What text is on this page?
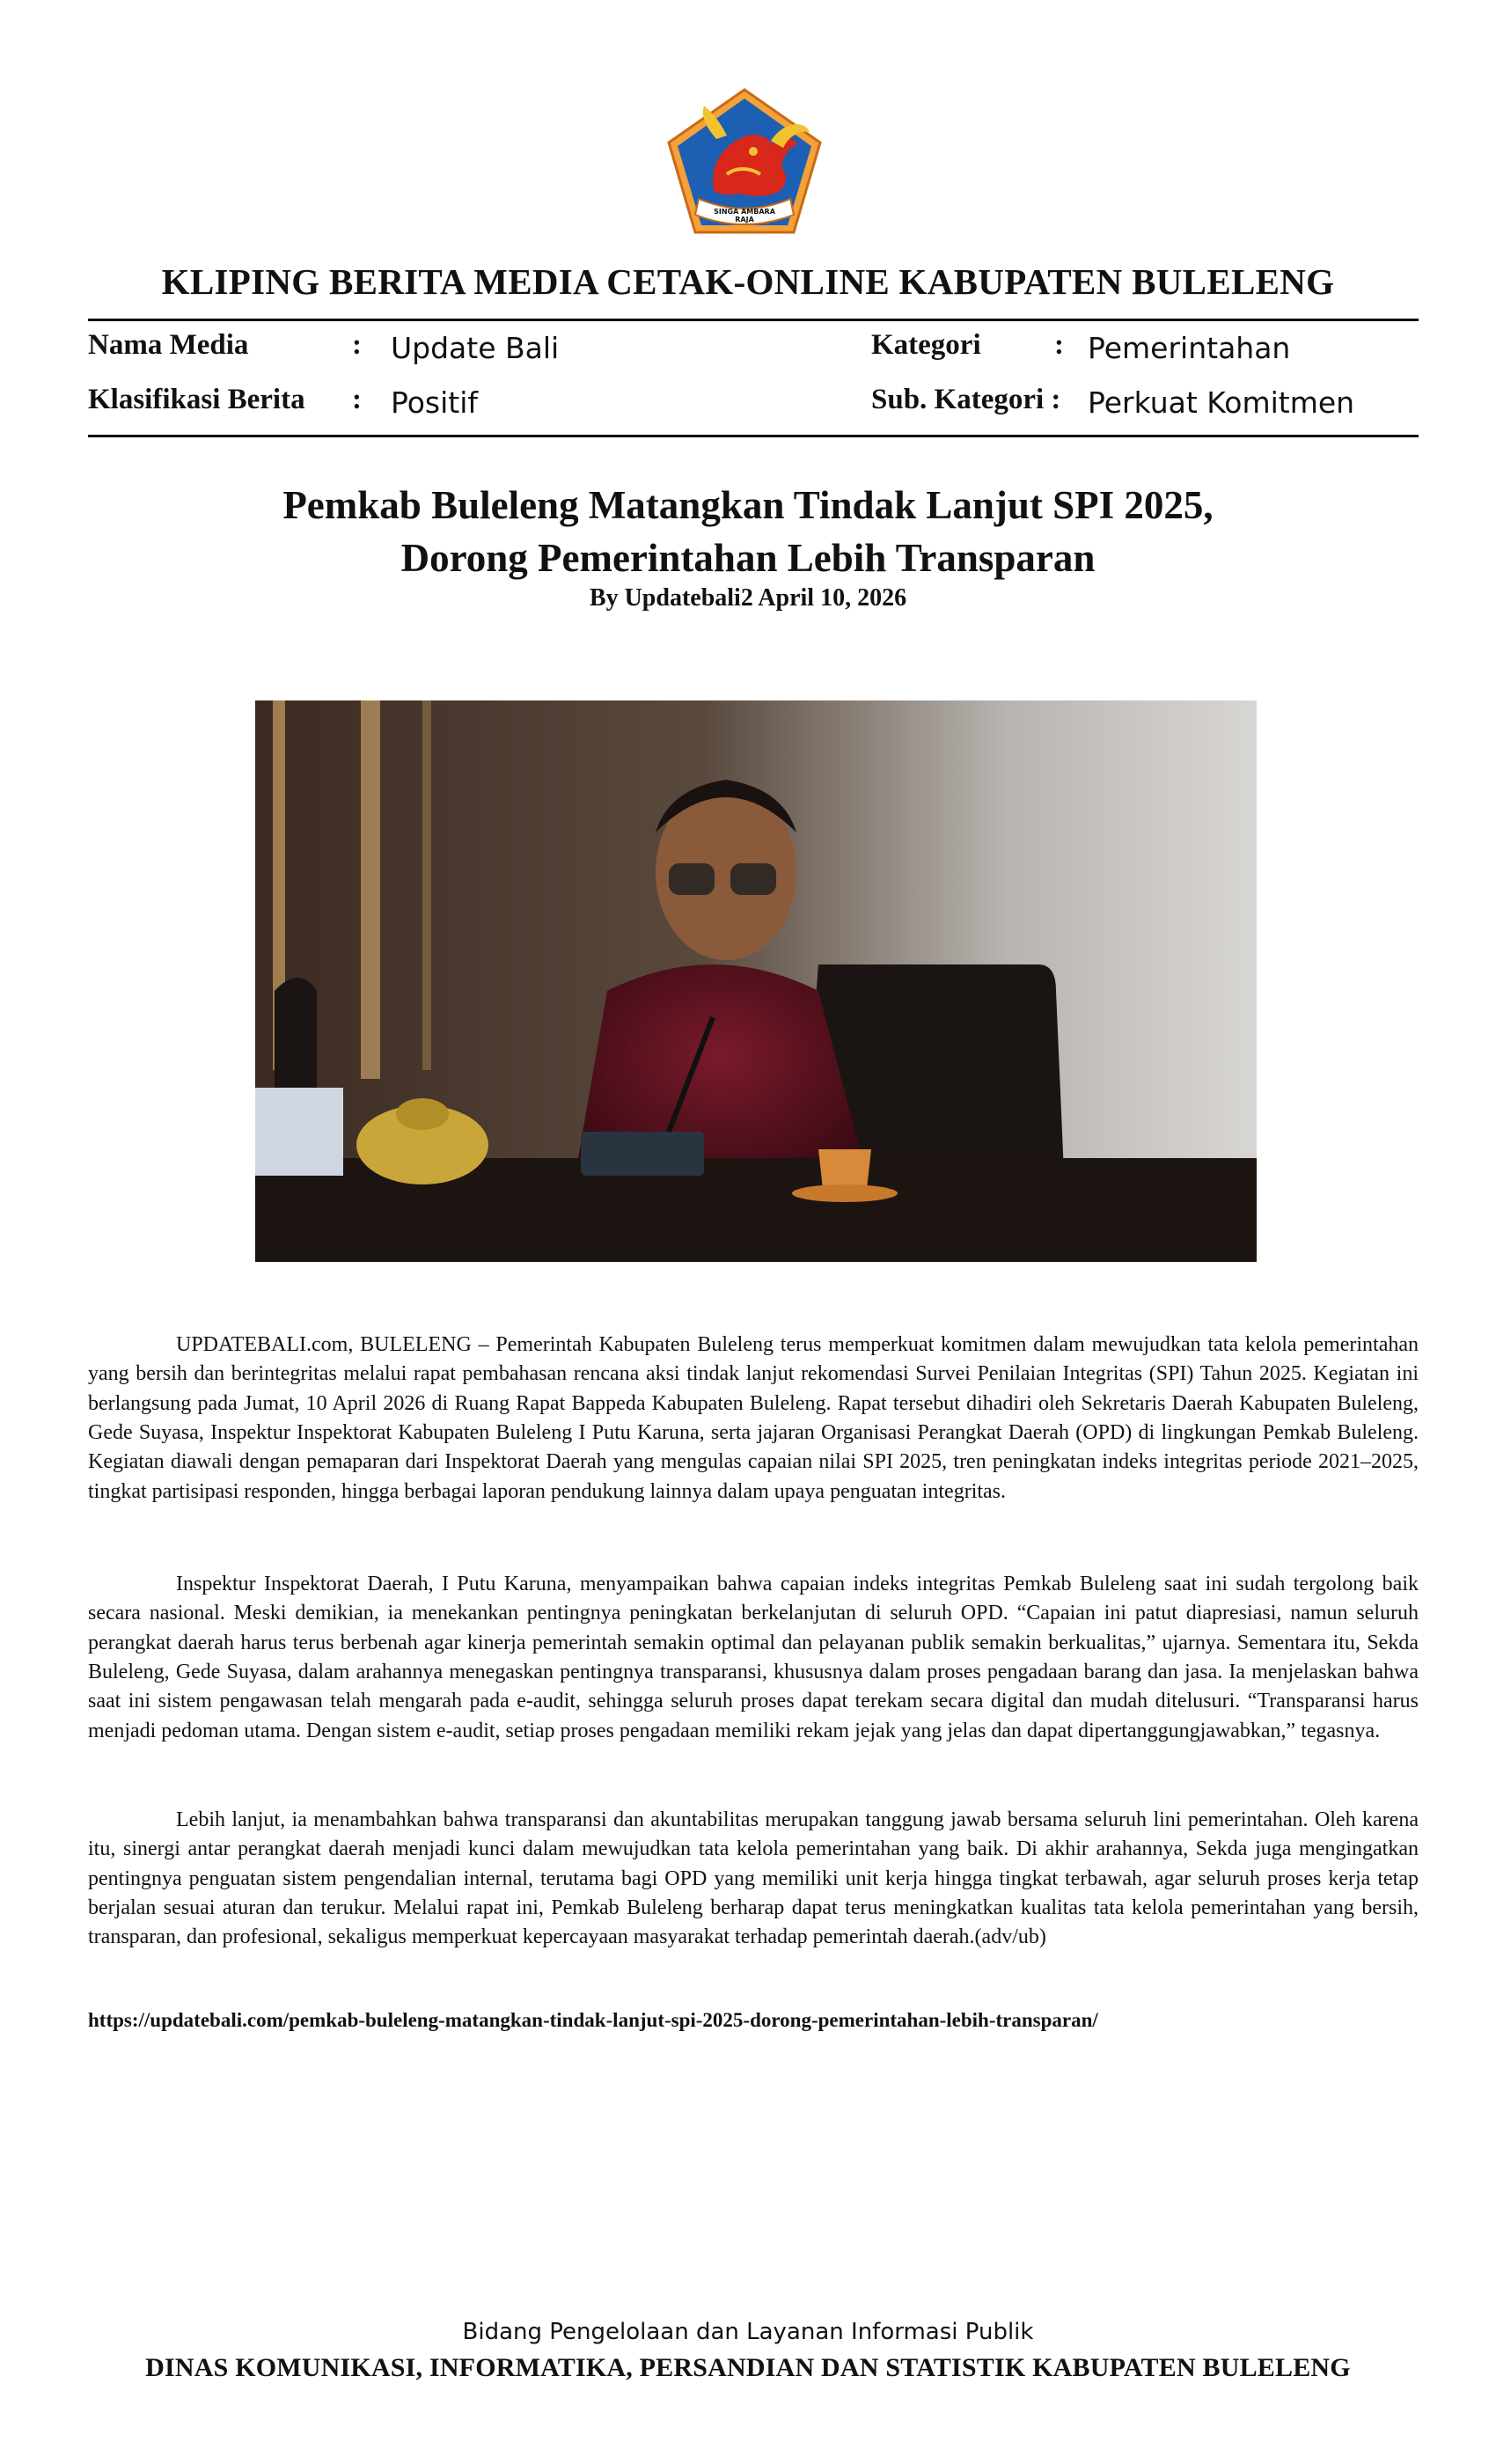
SINGA AMBARA RAJA
KLIPING BERITA MEDIA CETAK-ONLINE KABUPATEN BULELENG
Nama Media	: Update Bali
Klasifikasi Berita : Positif
Kategori	: Pemerintahan
Sub. Kategori : Perkuat Komitmen
Pemkab Buleleng Matangkan Tindak Lanjut SPI 2025,
Dorong Pemerintahan Lebih Transparan
By Updatebali2 April 10, 2026

UPDATEBALI.com, BULELENG – Pemerintah Kabupaten Buleleng terus memperkuat komitmen dalam mewujudkan tata kelola pemerintahan yang bersih dan berintegritas melalui rapat pembahasan rencana aksi tindak lanjut rekomendasi Survei Penilaian Integritas (SPI) Tahun 2025. Kegiatan ini berlangsung pada Jumat, 10 April 2026 di Ruang Rapat Bappeda Kabupaten Buleleng. Rapat tersebut dihadiri oleh Sekretaris Daerah Kabupaten Buleleng, Gede Suyasa, Inspektur Inspektorat Kabupaten Buleleng I Putu Karuna, serta jajaran Organisasi Perangkat Daerah (OPD) di lingkungan Pemkab Buleleng. Kegiatan diawali dengan pemaparan dari Inspektorat Daerah yang mengulas capaian nilai SPI 2025, tren peningkatan indeks integritas periode 2021–2025, tingkat partisipasi responden, hingga berbagai laporan pendukung lainnya dalam upaya penguatan integritas.

Inspektur Inspektorat Daerah, I Putu Karuna, menyampaikan bahwa capaian indeks integritas Pemkab Buleleng saat ini sudah tergolong baik secara nasional. Meski demikian, ia menekankan pentingnya peningkatan berkelanjutan di seluruh OPD. “Capaian ini patut diapresiasi, namun seluruh perangkat daerah harus terus berbenah agar kinerja pemerintah semakin optimal dan pelayanan publik semakin berkualitas,” ujarnya. Sementara itu, Sekda Buleleng, Gede Suyasa, dalam arahannya menegaskan pentingnya transparansi, khususnya dalam proses pengadaan barang dan jasa. Ia menjelaskan bahwa saat ini sistem pengawasan telah mengarah pada e-audit, sehingga seluruh proses dapat terekam secara digital dan mudah ditelusuri. “Transparansi harus menjadi pedoman utama. Dengan sistem e-audit, setiap proses pengadaan memiliki rekam jejak yang jelas dan dapat dipertanggungjawabkan,” tegasnya.

Lebih lanjut, ia menambahkan bahwa transparansi dan akuntabilitas merupakan tanggung jawab bersama seluruh lini pemerintahan. Oleh karena itu, sinergi antar perangkat daerah menjadi kunci dalam mewujudkan tata kelola pemerintahan yang baik. Di akhir arahannya, Sekda juga mengingatkan pentingnya penguatan sistem pengendalian internal, terutama bagi OPD yang memiliki unit kerja hingga tingkat terbawah, agar seluruh proses kerja tetap berjalan sesuai aturan dan terukur. Melalui rapat ini, Pemkab Buleleng berharap dapat terus meningkatkan kualitas tata kelola pemerintahan yang bersih, transparan, dan profesional, sekaligus memperkuat kepercayaan masyarakat terhadap pemerintah daerah.(adv/ub)

https://updatebali.com/pemkab-buleleng-matangkan-tindak-lanjut-spi-2025-dorong-pemerintahan-lebih-transparan/
Bidang Pengelolaan dan Layanan Informasi Publik
DINAS KOMUNIKASI, INFORMATIKA, PERSANDIAN DAN STATISTIK KABUPATEN BULELENG
